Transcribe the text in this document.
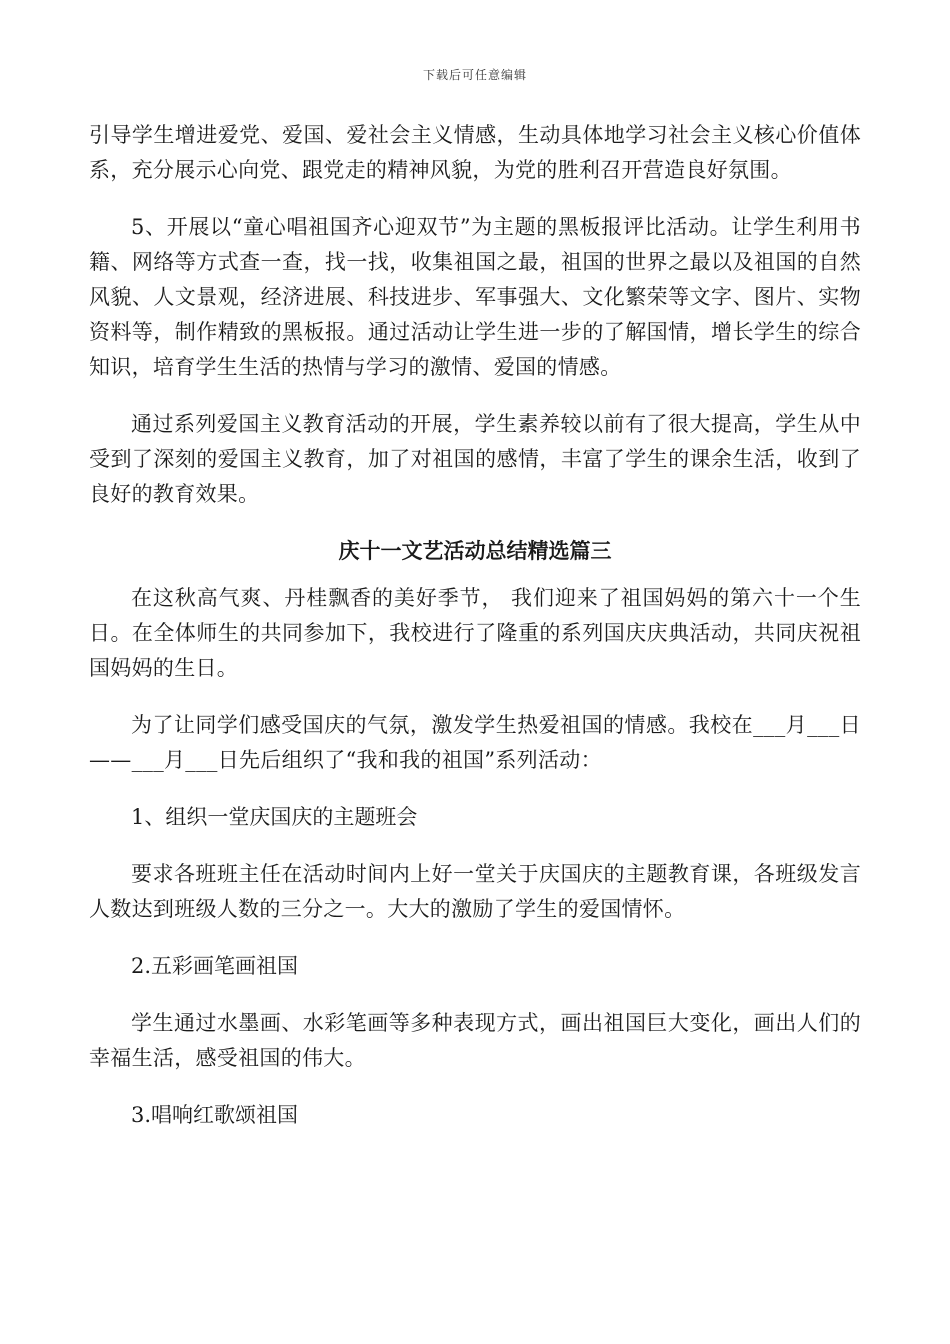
下载后可任意编辑

引导学生增进爱党、爱国、爱社会主义情感，生动具体地学习社会主义核心价值体系，充分展示心向党、跟党走的精神风貌，为党的胜利召开营造良好氛围。

5、开展以“童心唱祖国齐心迎双节”为主题的黑板报评比活动。让学生利用书籍、网络等方式查一查，找一找，收集祖国之最，祖国的世界之最以及祖国的自然风貌、人文景观，经济进展、科技进步、军事强大、文化繁荣等文字、图片、实物资料等，制作精致的黑板报。通过活动让学生进一步的了解国情，增长学生的综合知识，培育学生生活的热情与学习的激情、爱国的情感。

通过系列爱国主义教育活动的开展，学生素养较以前有了很大提高，学生从中受到了深刻的爱国主义教育，加了对祖国的感情，丰富了学生的课余生活，收到了良好的教育效果。

庆十一文艺活动总结精选篇三

在这秋高气爽、丹桂飘香的美好季节， 我们迎来了祖国妈妈的第六十一个生日。在全体师生的共同参加下，我校进行了隆重的系列国庆庆典活动，共同庆祝祖国妈妈的生日。

为了让同学们感受国庆的气氛，激发学生热爱祖国的情感。我校在___月___日——___月___日先后组织了“我和我的祖国”系列活动：

1、组织一堂庆国庆的主题班会

要求各班班主任在活动时间内上好一堂关于庆国庆的主题教育课，各班级发言人数达到班级人数的三分之一。大大的激励了学生的爱国情怀。

2.五彩画笔画祖国

学生通过水墨画、水彩笔画等多种表现方式，画出祖国巨大变化，画出人们的幸福生活，感受祖国的伟大。

3.唱响红歌颂祖国
